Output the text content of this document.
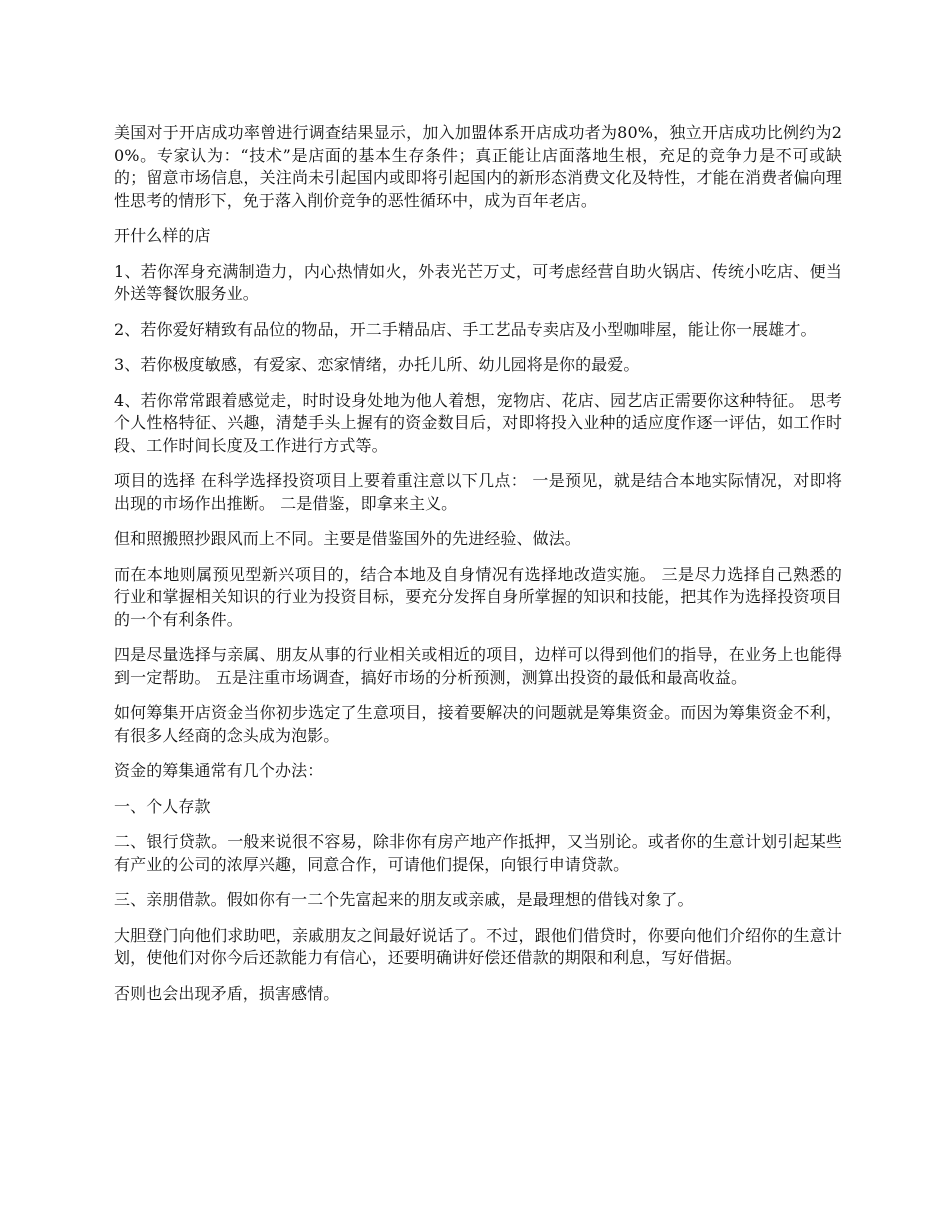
美国对于开店成功率曾进行调查结果显示，加入加盟体系开店成功者为80%，独立开店成功比例约为20%。专家认为：“技术”是店面的基本生存条件；真正能让店面落地生根，充足的竞争力是不可或缺的；留意市场信息，关注尚未引起国内或即将引起国内的新形态消费文化及特性，才能在消费者偏向理性思考的情形下，免于落入削价竞争的恶性循环中，成为百年老店。

开什么样的店

1、若你浑身充满制造力，内心热情如火，外表光芒万丈，可考虑经营自助火锅店、传统小吃店、便当外送等餐饮服务业。

2、若你爱好精致有品位的物品，开二手精品店、手工艺品专卖店及小型咖啡屋，能让你一展雄才。

3、若你极度敏感，有爱家、恋家情绪，办托儿所、幼儿园将是你的最爱。

4、若你常常跟着感觉走，时时设身处地为他人着想，宠物店、花店、园艺店正需要你这种特征。 思考个人性格特征、兴趣，清楚手头上握有的资金数目后，对即将投入业种的适应度作逐一评估，如工作时段、工作时间长度及工作进行方式等。

项目的选择 在科学选择投资项目上要着重注意以下几点： 一是预见，就是结合本地实际情况，对即将出现的市场作出推断。 二是借鉴，即拿来主义。

但和照搬照抄跟风而上不同。主要是借鉴国外的先进经验、做法。

而在本地则属预见型新兴项目的，结合本地及自身情况有选择地改造实施。 三是尽力选择自己熟悉的行业和掌握相关知识的行业为投资目标，要充分发挥自身所掌握的知识和技能，把其作为选择投资项目的一个有利条件。

四是尽量选择与亲属、朋友从事的行业相关或相近的项目，边样可以得到他们的指导，在业务上也能得到一定帮助。 五是注重市场调查，搞好市场的分析预测，测算出投资的最低和最高收益。

如何筹集开店资金当你初步选定了生意项目，接着要解决的问题就是筹集资金。而因为筹集资金不利，有很多人经商的念头成为泡影。

资金的筹集通常有几个办法：

一、个人存款

二、银行贷款。一般来说很不容易，除非你有房产地产作抵押，又当别论。或者你的生意计划引起某些有产业的公司的浓厚兴趣，同意合作，可请他们提保，向银行申请贷款。

三、亲朋借款。假如你有一二个先富起来的朋友或亲戚，是最理想的借钱对象了。

大胆登门向他们求助吧，亲戚朋友之间最好说话了。不过，跟他们借贷时，你要向他们介绍你的生意计划，使他们对你今后还款能力有信心，还要明确讲好偿还借款的期限和利息，写好借据。

否则也会出现矛盾，损害感情。
